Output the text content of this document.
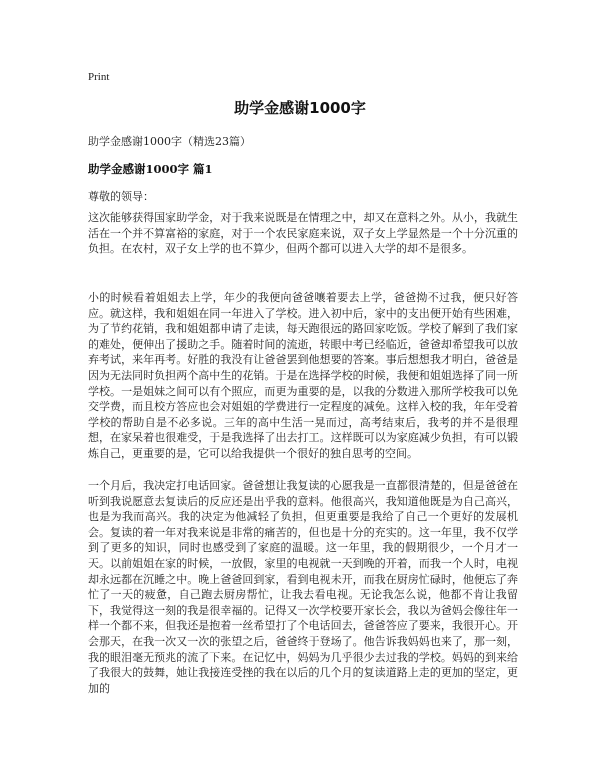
Print
助学金感谢1000字
助学金感谢1000字（精选23篇）
助学金感谢1000字 篇1
尊敬的领导：

这次能够获得国家助学金，对于我来说既是在情理之中，却又在意料之外。从小，我就生活在一个并不算富裕的家庭，对于一个农民家庭来说，双子女上学显然是一个十分沉重的负担。在农村，双子女上学的也不算少，但两个都可以进入大学的却不是很多。

小的时候看着姐姐去上学，年少的我便向爸爸嚷着要去上学，爸爸拗不过我，便只好答应。就这样，我和姐姐在同一年进入了学校。进入初中后，家中的支出便开始有些困难，为了节约花销，我和姐姐都申请了走读，每天跑很远的路回家吃饭。学校了解到了我们家的难处，便伸出了援助之手。随着时间的流逝，转眼中考已经临近，爸爸却希望我可以放弃考试，来年再考。好胜的我没有让爸爸罢到他想要的答案。事后想想我才明白，爸爸是因为无法同时负担两个高中生的花销。于是在选择学校的时候，我便和姐姐选择了同一所学校。一是姐妹之间可以有个照应，而更为重要的是，以我的分数进入那所学校我可以免交学费，而且校方答应也会对姐姐的学费进行一定程度的减免。这样入校的我，年年受着学校的帮助自是不必多说。三年的高中生活一晃而过，高考结束后，我考的并不是很理想，在家呆着也很难受，于是我选择了出去打工。这样既可以为家庭减少负担，有可以锻炼自己，更重要的是，它可以给我提供一个很好的独自思考的空间。

一个月后，我决定打电话回家。爸爸想让我复读的心愿我是一直都很清楚的，但是爸爸在听到我说愿意去复读后的反应还是出乎我的意料。他很高兴，我知道他既是为自己高兴，也是为我而高兴。我的决定为他减轻了负担，但更重要是我给了自己一个更好的发展机会。复读的着一年对我来说是非常的痛苦的，但也是十分的充实的。这一年里，我不仅学到了更多的知识，同时也感受到了家庭的温暖。这一年里，我的假期很少，一个月才一天。以前姐姐在家的时候，一放假，家里的电视就一天到晚的开着，而我一个人时，电视却永远都在沉睡之中。晚上爸爸回到家，看到电视未开，而我在厨房忙碌时，他便忘了奔忙了一天的疲惫，自己跑去厨房帮忙，让我去看电视。无论我怎么说，他都不肯让我留下，我觉得这一刻的我是很幸福的。记得又一次学校要开家长会，我以为爸妈会像往年一样一个都不来，但我还是抱着一丝希望打了个电话回去，爸爸答应了要来，我很开心。开会那天，在我一次又一次的张望之后，爸爸终于登场了。他告诉我妈妈也来了，那一刻，我的眼泪毫无预兆的流了下来。在记忆中，妈妈为几乎很少去过我的学校。妈妈的到来给了我很大的鼓舞，她让我接连受挫的我在以后的几个月的复读道路上走的更加的坚定，更加的
